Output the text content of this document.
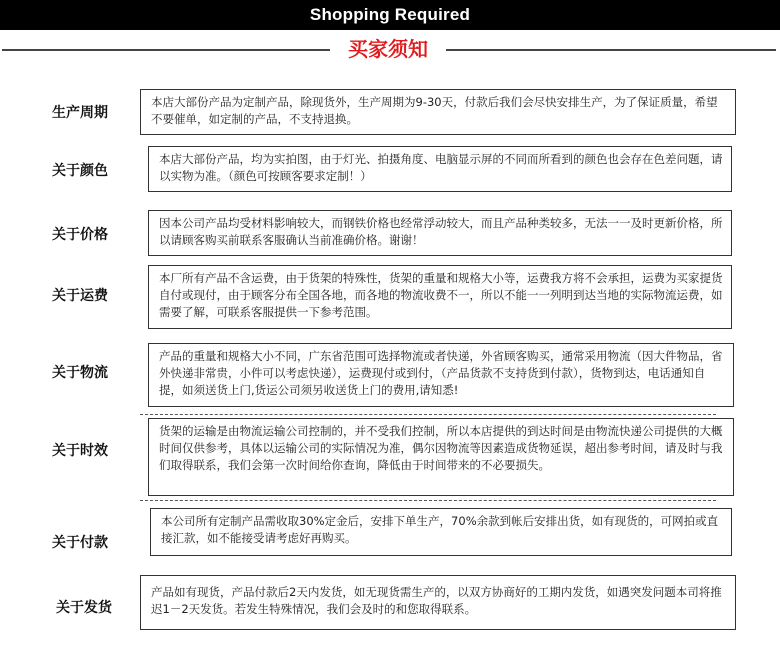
Shopping Required
买家须知
生产周期
本店大部份产品为定制产品，除现货外，生产周期为9-30天，付款后我们会尽快安排生产，为了保证质量，希望不要催单，如定制的产品，不支持退换。
关于颜色
本店大部份产品，均为实拍图，由于灯光、拍摄角度、电脑显示屏的不同而所看到的颜色也会存在色差问题，请以实物为准。（颜色可按顾客要求定制！）
关于价格
因本公司产品均受材料影响较大，而钢铁价格也经常浮动较大，而且产品种类较多，无法一一及时更新价格，所以请顾客购买前联系客服确认当前准确价格。谢谢！
关于运费
本厂所有产品不含运费，由于货架的特殊性，货架的重量和规格大小等，运费我方将不会承担，运费为买家提货自付或现付，由于顾客分布全国各地，而各地的物流收费不一，所以不能一一列明到达当地的实际物流运费，如需要了解，可联系客服提供一下参考范围。
关于物流
产品的重量和规格大小不同，广东省范围可选择物流或者快递，外省顾客购买，通常采用物流（因大件物品，省外快递非常贵，小件可以考虑快递），运费现付或到付，（产品货款不支持货到付款），货物到达，电话通知自提，如须送货上门,货运公司须另收送货上门的费用,请知悉!
关于时效
货架的运输是由物流运输公司控制的，并不受我们控制，所以本店提供的到达时间是由物流快递公司提供的大概时间仅供参考，具体以运输公司的实际情况为准，偶尔因物流等因素造成货物延误，超出参考时间，请及时与我们取得联系，我们会第一次时间给你查询，降低由于时间带来的不必要损失。
关于付款
本公司所有定制产品需收取30%定金后，安排下单生产，70%余款到帐后安排出货，如有现货的，可网拍或直接汇款，如不能接受请考虑好再购买。
关于发货
产品如有现货，产品付款后2天内发货，如无现货需生产的，以双方协商好的工期内发货，如遇突发问题本司将推迟1－2天发货。若发生特殊情况，我们会及时的和您取得联系。
